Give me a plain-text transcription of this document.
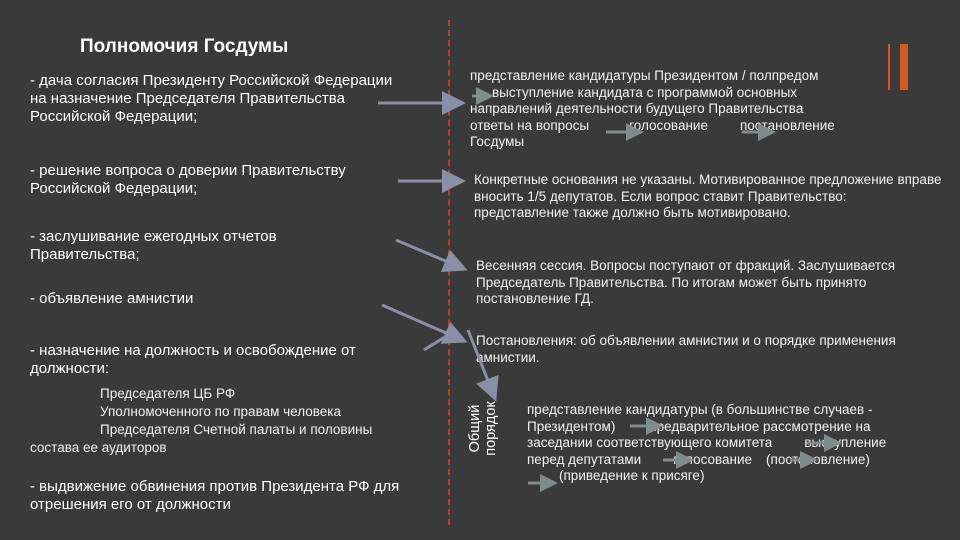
Полномочия Госдумы
- дача согласия Президенту Российской Федерации на назначение Председателя Правительства Российской Федерации;
- решение вопроса о доверии Правительству Российской Федерации;
- заслушивание ежегодных отчетов Правительства;
- объявление амнистии
- назначение на должность и освобождение от должности:
Председателя ЦБ РФ
Уполномоченного по правам человека
Председателя Счетной палаты и половины
состава ее аудиторов
- выдвижение обвинения против Президента РФ для отрешения его от должности
представление кандидатуры Президентом / полпредом
выступление кандидата с программой основных
направлений деятельности будущего Правительства
ответы на вопросы	голосование постановление
Госдумы
Конкретные основания не указаны. Мотивированное предложение вправе вносить 1/5 депутатов. Если вопрос ставит Правительство: представление также должно быть мотивировано.
Весенняя сессия. Вопросы поступают от фракций. Заслушивается Председатель Правительства. По итогам может быть принято постановление ГД.
Постановления: об объявлении амнистии и о порядке применения амнистии.
представление кандидатуры (в большинстве случаев -
Президентом)	предварительное рассмотрение на
заседании соответствующего комитета выступление
перед депутатами голосование (постановление)
(приведение к присяге)
Общий порядок
